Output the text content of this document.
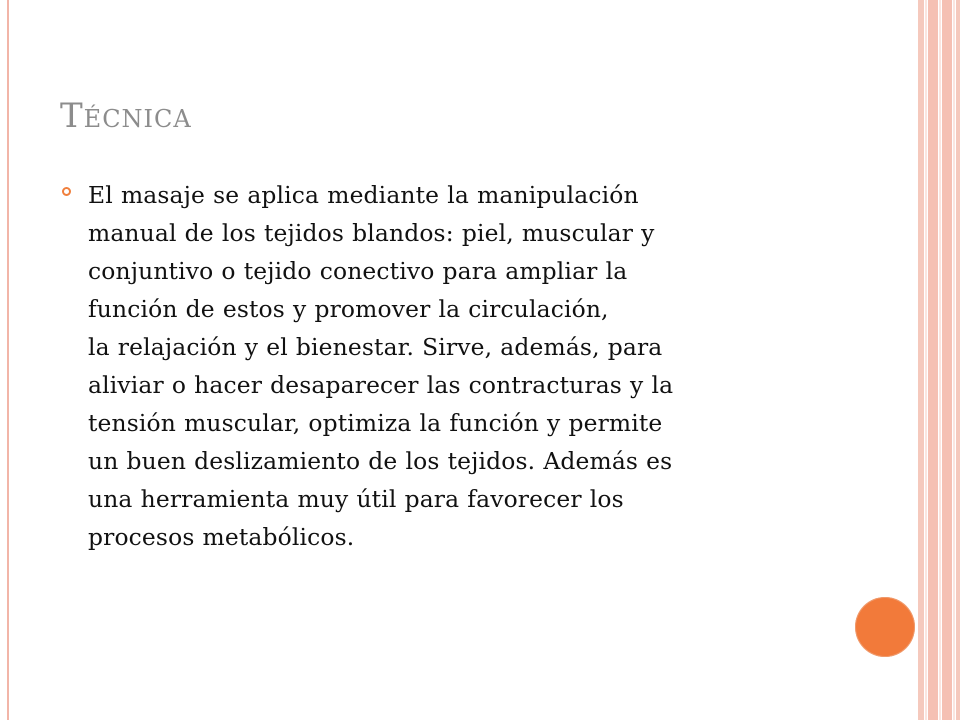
Técnica
El masaje se aplica mediante la manipulación
manual de los tejidos blandos: piel, muscular y
conjuntivo o tejido conectivo para ampliar la
función de estos y promover la circulación,
la relajación y el bienestar. Sirve, además, para
aliviar o hacer desaparecer las contracturas y la
tensión muscular, optimiza la función y permite
un buen deslizamiento de los tejidos. Además es
una herramienta muy útil para favorecer los
procesos metabólicos.
